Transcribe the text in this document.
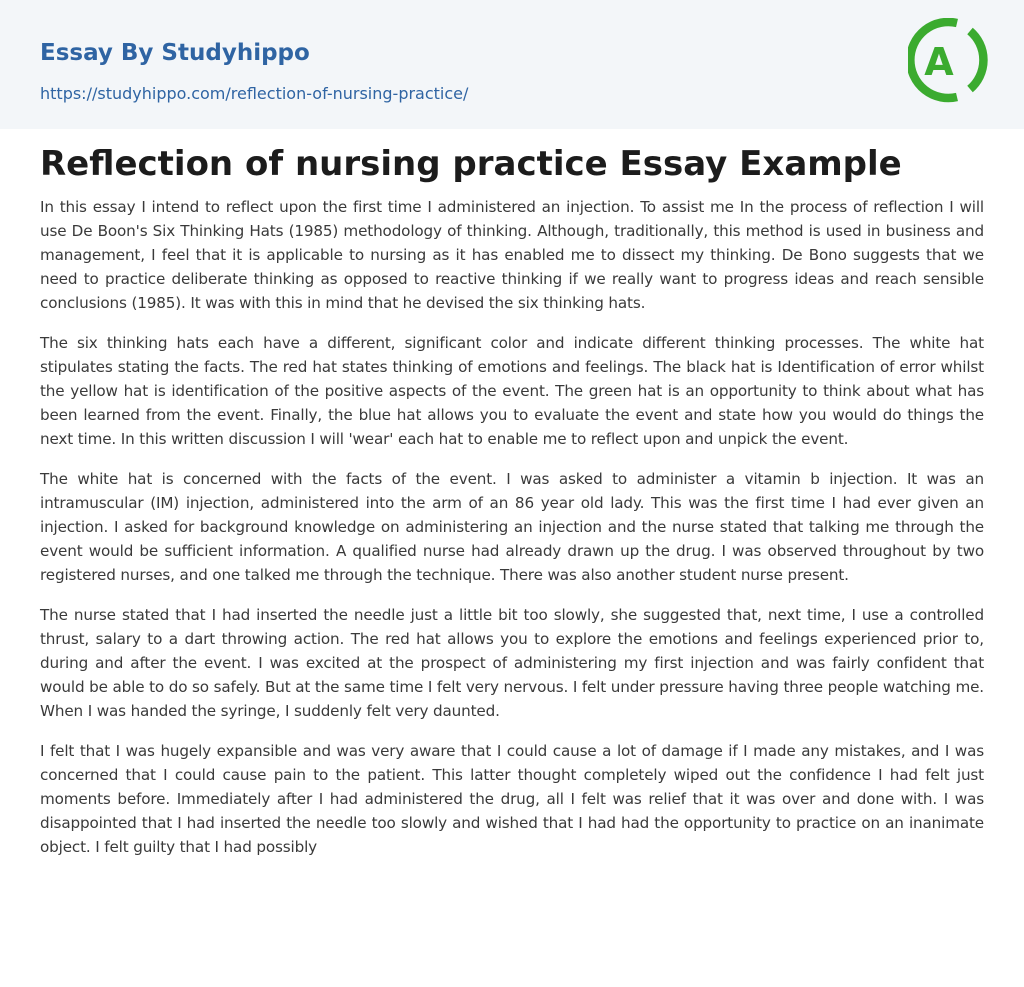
Essay By Studyhippo
https://studyhippo.com/reflection-of-nursing-practice/
A
Reflection of nursing practice Essay Example

In this essay I intend to reflect upon the first time I administered an injection. To assist me In the process of reflection I will use De Boon's Six Thinking Hats (1985) methodology of thinking. Although, traditionally, this method is used in business and management, I feel that it is applicable to nursing as it has enabled me to dissect my thinking. De Bono suggests that we need to practice deliberate thinking as opposed to reactive thinking if we really want to progress ideas and reach sensible conclusions (1985). It was with this in mind that he devised the six thinking hats.

The six thinking hats each have a different, significant color and indicate different thinking processes. The white hat stipulates stating the facts. The red hat states thinking of emotions and feelings. The black hat is Identification of error whilst the yellow hat is identification of the positive aspects of the event. The green hat is an opportunity to think about what has been learned from the event. Finally, the blue hat allows you to evaluate the event and state how you would do things the next time. In this written discussion I will 'wear' each hat to enable me to reflect upon and unpick the event.

The white hat is concerned with the facts of the event. I was asked to administer a vitamin b injection. It was an intramuscular (IM) injection, administered into the arm of an 86 year old lady. This was the first time I had ever given an injection. I asked for background knowledge on administering an injection and the nurse stated that talking me through the event would be sufficient information. A qualified nurse had already drawn up the drug. I was observed throughout by two registered nurses, and one talked me through the technique. There was also another student nurse present.

The nurse stated that I had inserted the needle just a little bit too slowly, she suggested that, next time, I use a controlled thrust, salary to a dart throwing action. The red hat allows you to explore the emotions and feelings experienced prior to, during and after the event. I was excited at the prospect of administering my first injection and was fairly confident that would be able to do so safely. But at the same time I felt very nervous. I felt under pressure having three people watching me. When I was handed the syringe, I suddenly felt very daunted.

I felt that I was hugely expansible and was very aware that I could cause a lot of damage if I made any mistakes, and I was concerned that I could cause pain to the patient. This latter thought completely wiped out the confidence I had felt just moments before. Immediately after I had administered the drug, all I felt was relief that it was over and done with. I was disappointed that I had inserted the needle too slowly and wished that I had had the opportunity to practice on an inanimate object. I felt guilty that I had possibly
